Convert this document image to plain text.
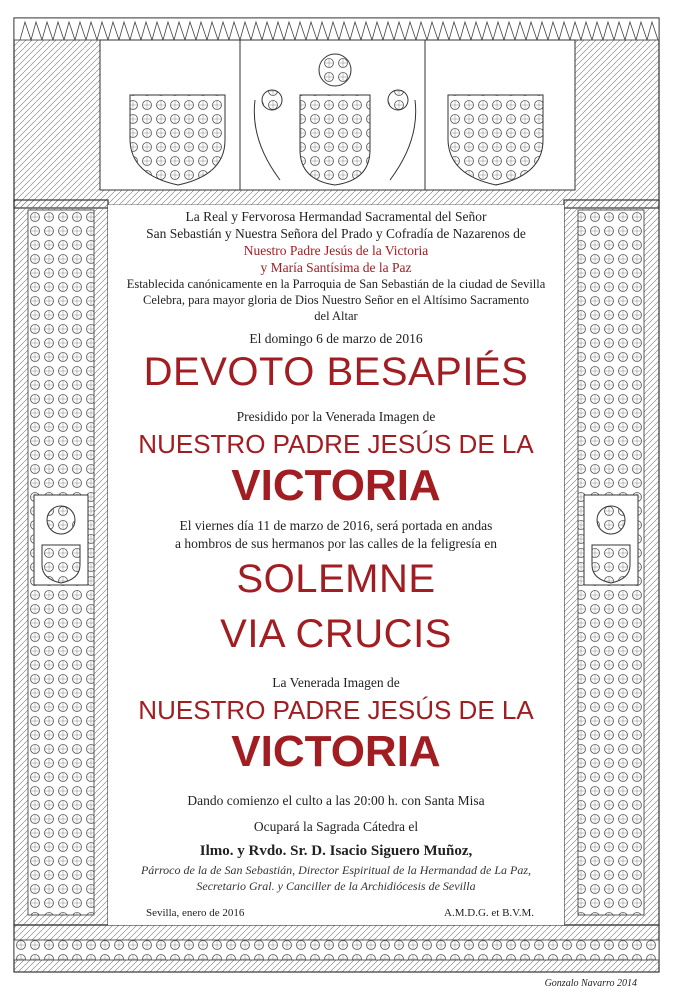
La Real y Fervorosa Hermandad Sacramental del Señor
San Sebastián y Nuestra Señora del Prado y Cofradía de Nazarenos de
Nuestro Padre Jesús de la Victoria
y María Santísima de la Paz
Establecida canónicamente en la Parroquia de San Sebastián de la ciudad de Sevilla
Celebra, para mayor gloria de Dios Nuestro Señor en el Altísimo Sacramento
del Altar
El domingo 6 de marzo de 2016
DEVOTO BESAPIÉS
Presidido por la Venerada Imagen de
NUESTRO PADRE JESÚS DE LA
VICTORIA
El viernes día 11 de marzo de 2016, será portada en andas
a hombros de sus hermanos por las calles de la feligresía en
SOLEMNE
VIA CRUCIS
La Venerada Imagen de
NUESTRO PADRE JESÚS DE LA
VICTORIA
Dando comienzo el culto a las 20:00 h. con Santa Misa
Ocupará la Sagrada Cátedra el
Ilmo. y Rvdo. Sr. D. Isacio Siguero Muñoz,
Párroco de la de San Sebastián, Director Espiritual de la Hermandad de La Paz,
Secretario Gral. y Canciller de la Archidiócesis de Sevilla
Sevilla, enero de 2016	A.M.D.G. et B.V.M.
Gonzalo Navarro 2014
